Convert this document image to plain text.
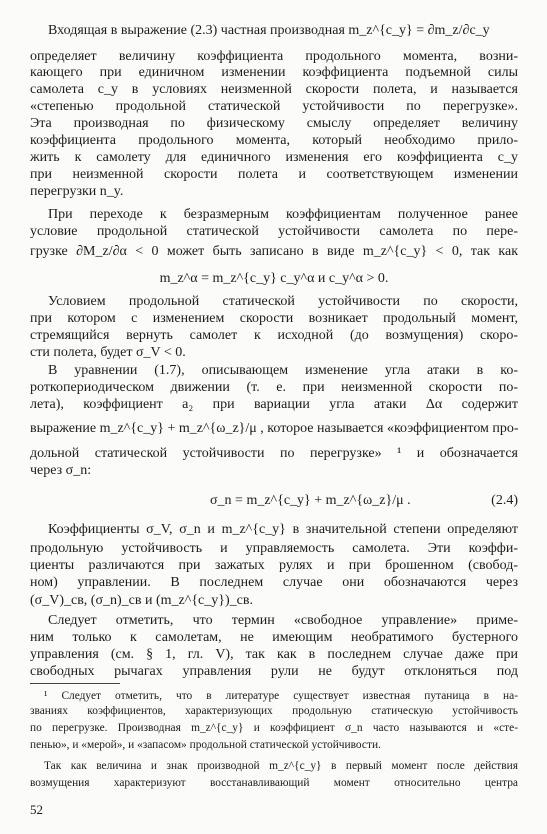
Входящая в выражение (2.3) частная производная m_z^{c_y} = ∂m_z/∂c_y
определяет величину коэффициента продольного момента, возни-
кающего при единичном изменении коэффициента подъемной силы
самолета c_y в условиях неизменной скорости полета, и называется
«степенью продольной статической устойчивости по перегрузке».
Эта производная по физическому смыслу определяет величину
коэффициента продольного момента, который необходимо прило-
жить к самолету для единичного изменения его коэффициента c_y
при неизменной скорости полета и соответствующем изменении
перегрузки n_y.
При переходе к безразмерным коэффициентам полученное ранее
условие продольной статической устойчивости самолета по пере-
грузке ∂M_z/∂α < 0 может быть записано в виде m_z^{c_y} < 0, так как
m_z^α = m_z^{c_y} c_y^α и c_y^α > 0.
Условием продольной статической устойчивости по скорости,
при котором с изменением скорости возникает продольный момент,
стремящийся вернуть самолет к исходной (до возмущения) скоро-
сти полета, будет σ_V < 0.
В уравнении (1.7), описывающем изменение угла атаки в ко-
роткопериодическом движении (т. е. при неизменной скорости по-
лета), коэффициент a₂ при вариации угла атаки Δα содержит
выражение m_z^{c_y} + m_z^{ω_z}/μ , которое называется «коэффициентом про-
дольной статической устойчивости по перегрузке» ¹ и обозначается
через σ_n:
σ_n = m_z^{c_y} + m_z^{ω_z}/μ .	(2.4)
Коэффициенты σ_V, σ_n и m_z^{c_y} в значительной степени определяют
продольную устойчивость и управляемость самолета. Эти коэффи-
циенты различаются при зажатых рулях и при брошенном (свобод-
ном) управлении. В последнем случае они обозначаются через
(σ_V)_св, (σ_n)_св и (m_z^{c_y})_св.
Следует отметить, что термин «свободное управление» приме-
ним только к самолетам, не имеющим необратимого бустерного
управления (см. § 1, гл. V), так как в последнем случае даже при
свободных рычагах управления рули не будут отклоняться под
¹ Следует отметить, что в литературе существует известная путаница в на-
званиях коэффициентов, характеризующих продольную статическую устойчивость
по перегрузке. Производная m_z^{c_y} и коэффициент σ_n часто называются и «сте-
пенью», и «мерой», и «запасом» продольной статической устойчивости.
Так как величина и знак производной m_z^{c_y} в первый момент после действия
возмущения характеризуют восстанавливающий момент относительно центра
52
